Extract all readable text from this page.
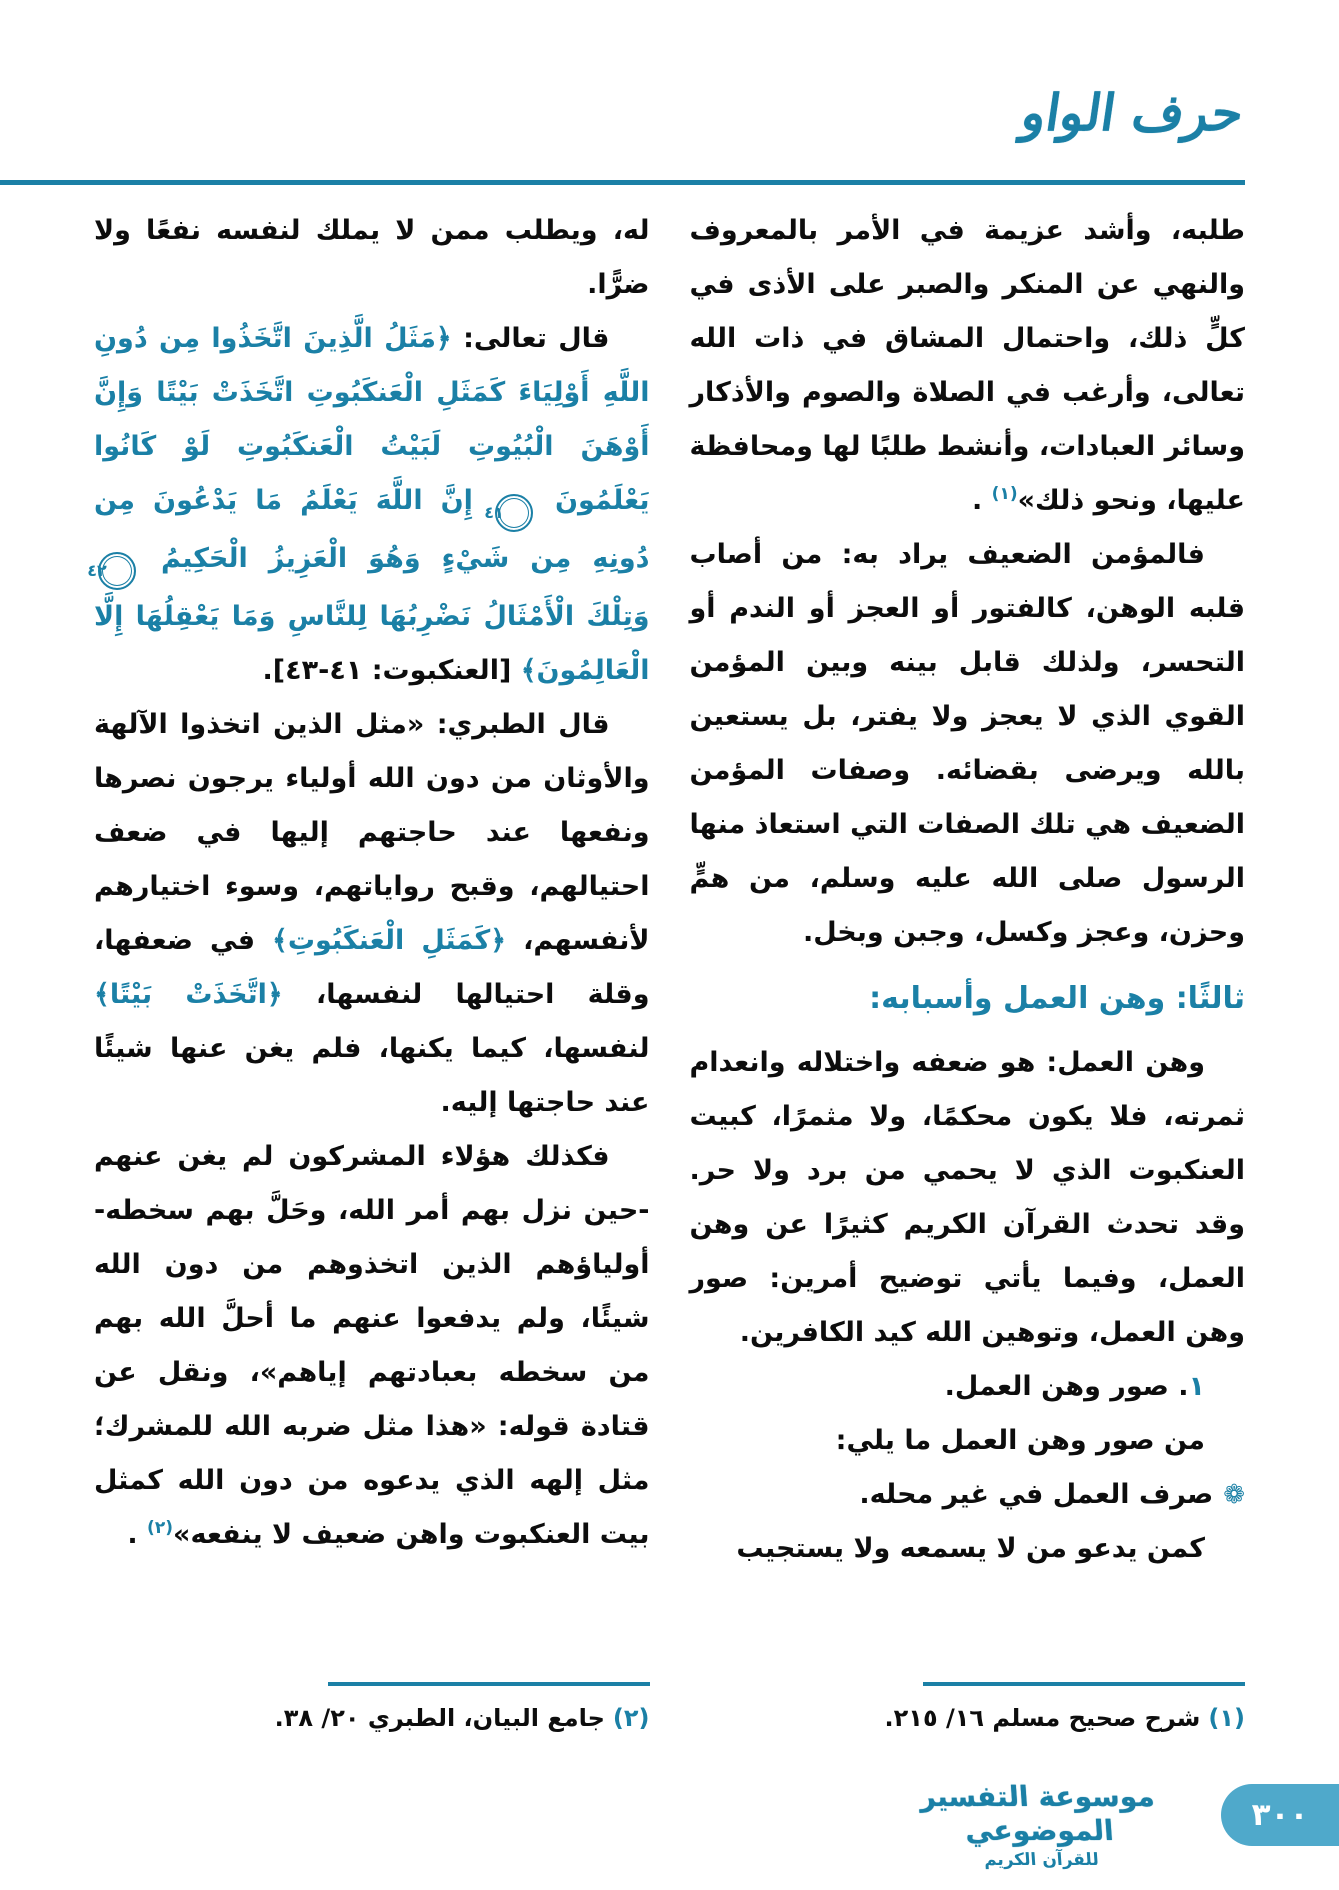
حرف الواو

طلبه، وأشد عزيمة في الأمر بالمعروف والنهي عن المنكر والصبر على الأذى في كلٍّ ذلك، واحتمال المشاق في ذات الله تعالى، وأرغب في الصلاة والصوم والأذكار وسائر العبادات، وأنشط طلبًا لها ومحافظة عليها، ونحو ذلك»$^{(١)}$ .

فالمؤمن الضعيف يراد به: من أصاب قلبه الوهن، كالفتور أو العجز أو الندم أو التحسر، ولذلك قابل بينه وبين المؤمن القوي الذي لا يعجز ولا يفتر، بل يستعين بالله ويرضى بقضائه. وصفات المؤمن الضعيف هي تلك الصفات التي استعاذ منها الرسول صلى الله عليه وسلم، من همٍّ وحزن، وعجز وكسل، وجبن وبخل.

ثالثًا: وهن العمل وأسبابه:

وهن العمل: هو ضعفه واختلاله وانعدام ثمرته، فلا يكون محكمًا، ولا مثمرًا، كبيت العنكبوت الذي لا يحمي من برد ولا حر. وقد تحدث القرآن الكريم كثيرًا عن وهن العمل، وفيما يأتي توضيح أمرين: صور وهن العمل، وتوهين الله كيد الكافرين.

١. صور وهن العمل.

من صور وهن العمل ما يلي:

❁صرف العمل في غير محله.

كمن يدعو من لا يسمعه ولا يستجيب

له، ويطلب ممن لا يملك لنفسه نفعًا ولا ضرًّا.

قال تعالى: ﴿مَثَلُ الَّذِينَ اتَّخَذُوا مِن دُونِ اللَّهِ أَوْلِيَاءَ كَمَثَلِ الْعَنكَبُوتِ اتَّخَذَتْ بَيْتًا وَإِنَّ أَوْهَنَ الْبُيُوتِ لَبَيْتُ الْعَنكَبُوتِ لَوْ كَانُوا يَعْلَمُونَ ٤١ إِنَّ اللَّهَ يَعْلَمُ مَا يَدْعُونَ مِن دُونِهِ مِن شَيْءٍ وَهُوَ الْعَزِيزُ الْحَكِيمُ ٤٢ وَتِلْكَ الْأَمْثَالُ نَضْرِبُهَا لِلنَّاسِ وَمَا يَعْقِلُهَا إِلَّا الْعَالِمُونَ﴾ [العنكبوت: ٤١-٤٣].

قال الطبري: «مثل الذين اتخذوا الآلهة والأوثان من دون الله أولياء يرجون نصرها ونفعها عند حاجتهم إليها في ضعف احتيالهم، وقبح رواياتهم، وسوء اختيارهم لأنفسهم، ﴿كَمَثَلِ الْعَنكَبُوتِ﴾ في ضعفها، وقلة احتيالها لنفسها، ﴿اتَّخَذَتْ بَيْتًا﴾ لنفسها، كيما يكنها، فلم يغن عنها شيئًا عند حاجتها إليه.

فكذلك هؤلاء المشركون لم يغن عنهم -حين نزل بهم أمر الله، وحَلَّ بهم سخطه- أولياؤهم الذين اتخذوهم من دون الله شيئًا، ولم يدفعوا عنهم ما أحلَّ الله بهم من سخطه بعبادتهم إياهم»، ونقل عن قتادة قوله: «هذا مثل ضربه الله للمشرك؛ مثل إلهه الذي يدعوه من دون الله كمثل بيت العنكبوت واهن ضعيف لا ينفعه»$^{(٢)}$ .

(١)شرح صحيح مسلم ١٦/ ٢١٥.

(٢)جامع البيان، الطبري ٢٠/ ٣٨.

موسوعة التفسير الموضوعي
للقرآن الكريم
٣٠٠
